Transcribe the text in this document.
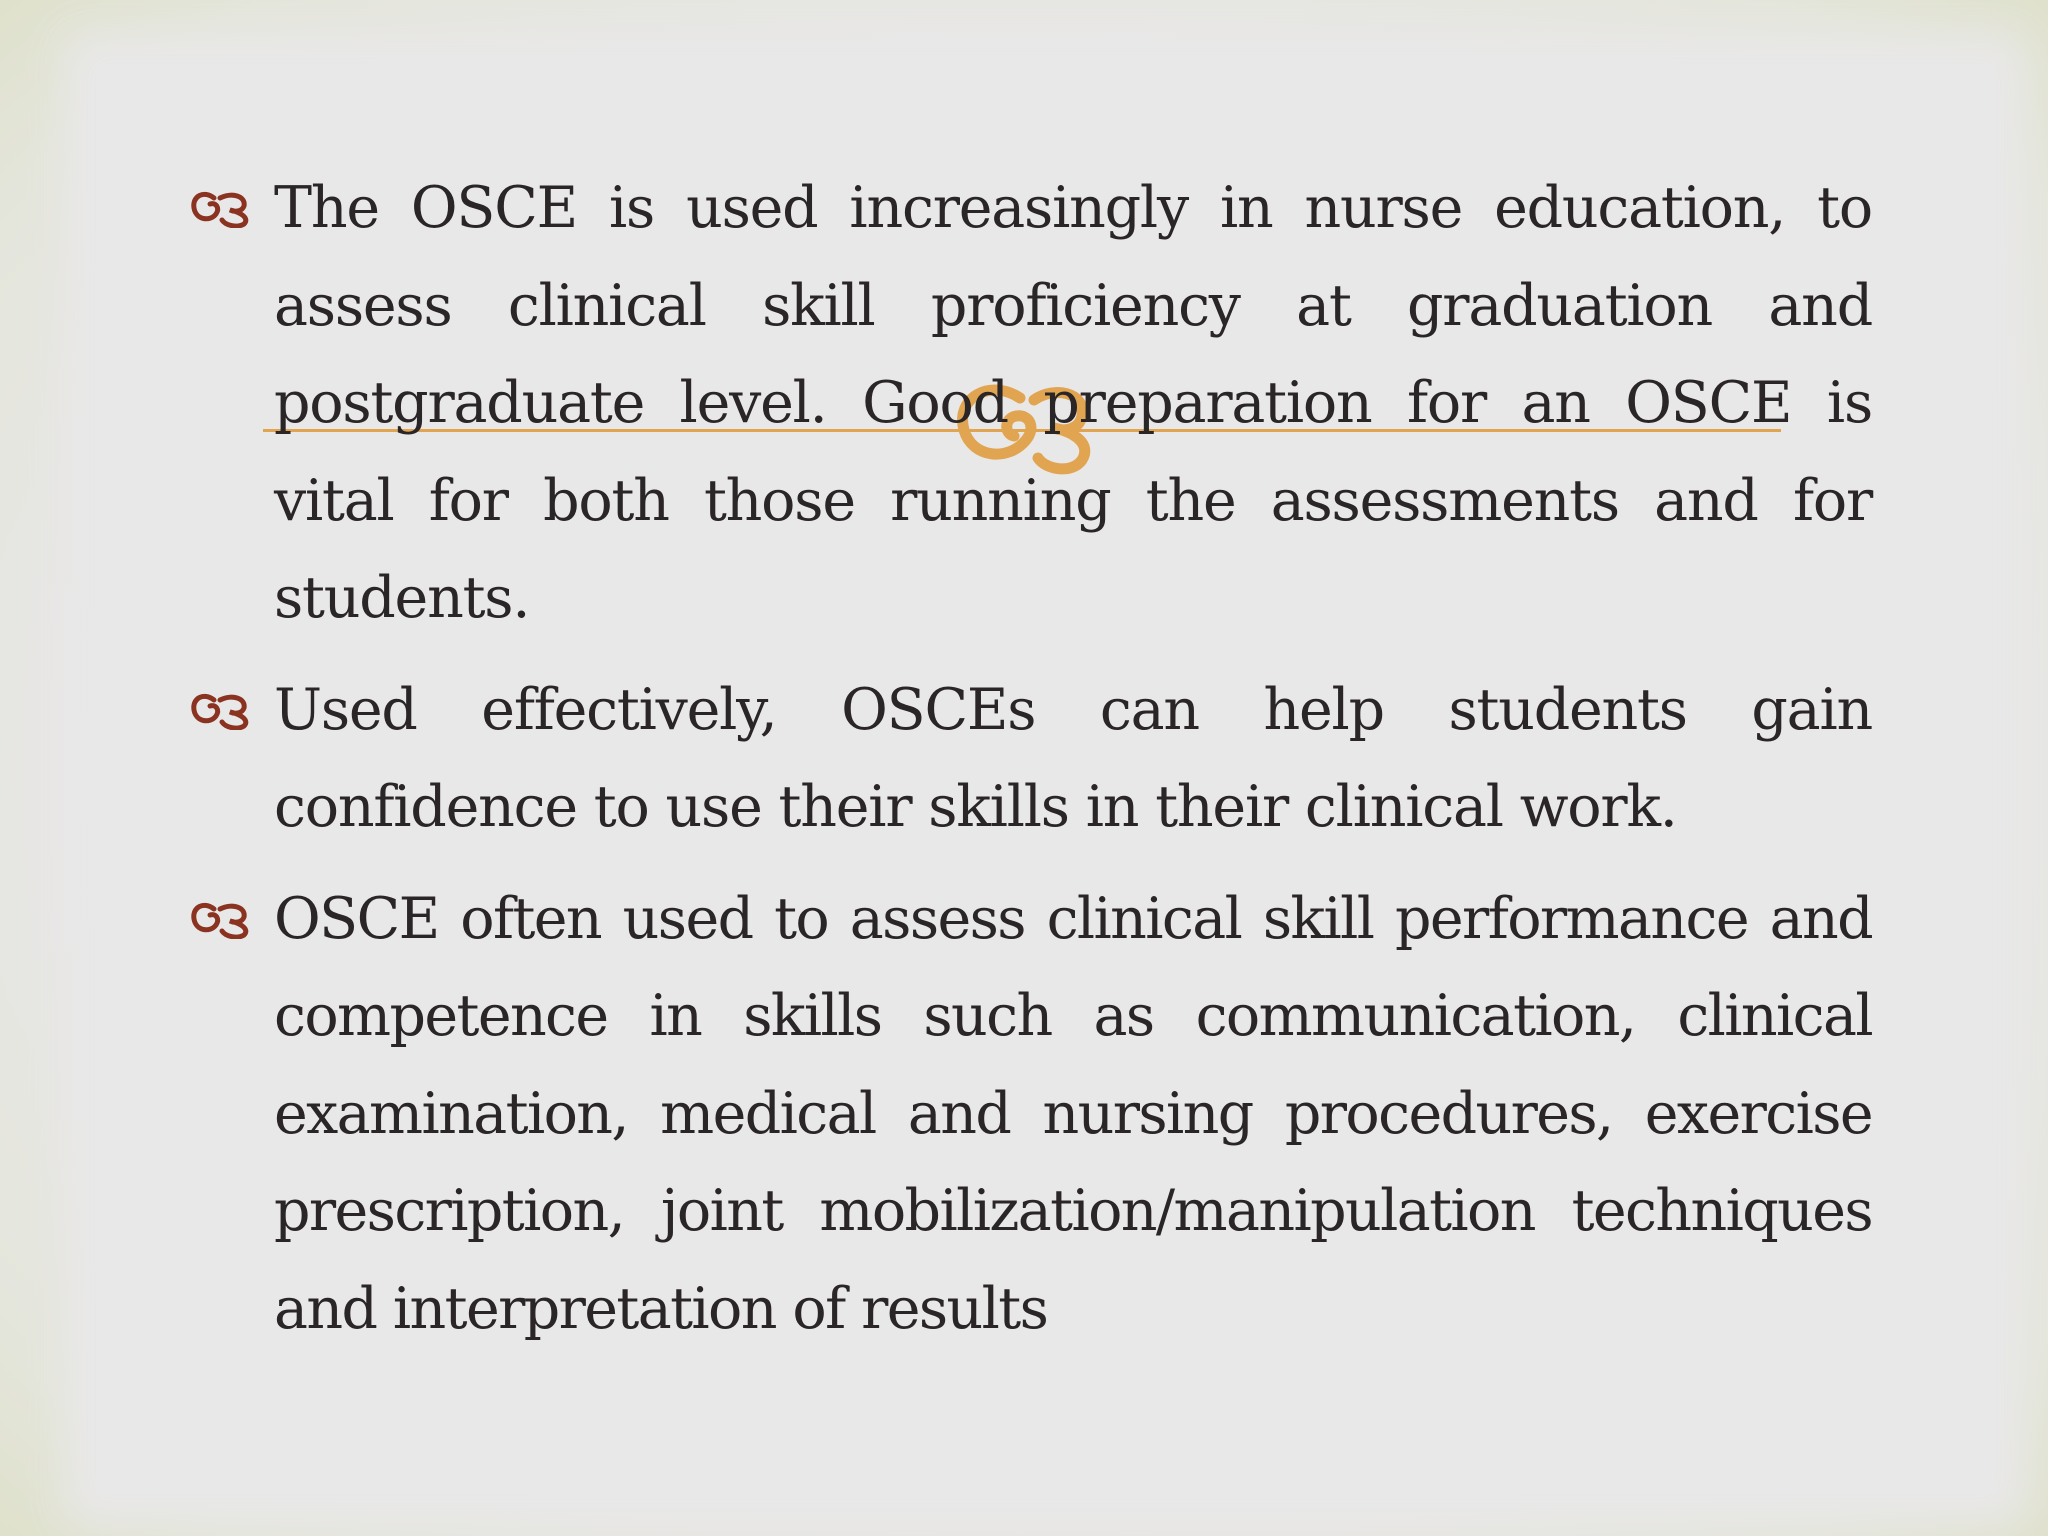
The OSCE is used increasingly in nurse education, to assess clinical skill proficiency at graduation and postgraduate level. Good preparation for an OSCE is vital for both those running the assessments and for students.

Used effectively, OSCEs can help students gain confidence to use their skills in their clinical work.

OSCE often used to assess clinical skill performance and competence in skills such as communication, clinical examination, medical and nursing procedures, exercise prescription, joint mobilization/manipulation techniques and interpretation of results
